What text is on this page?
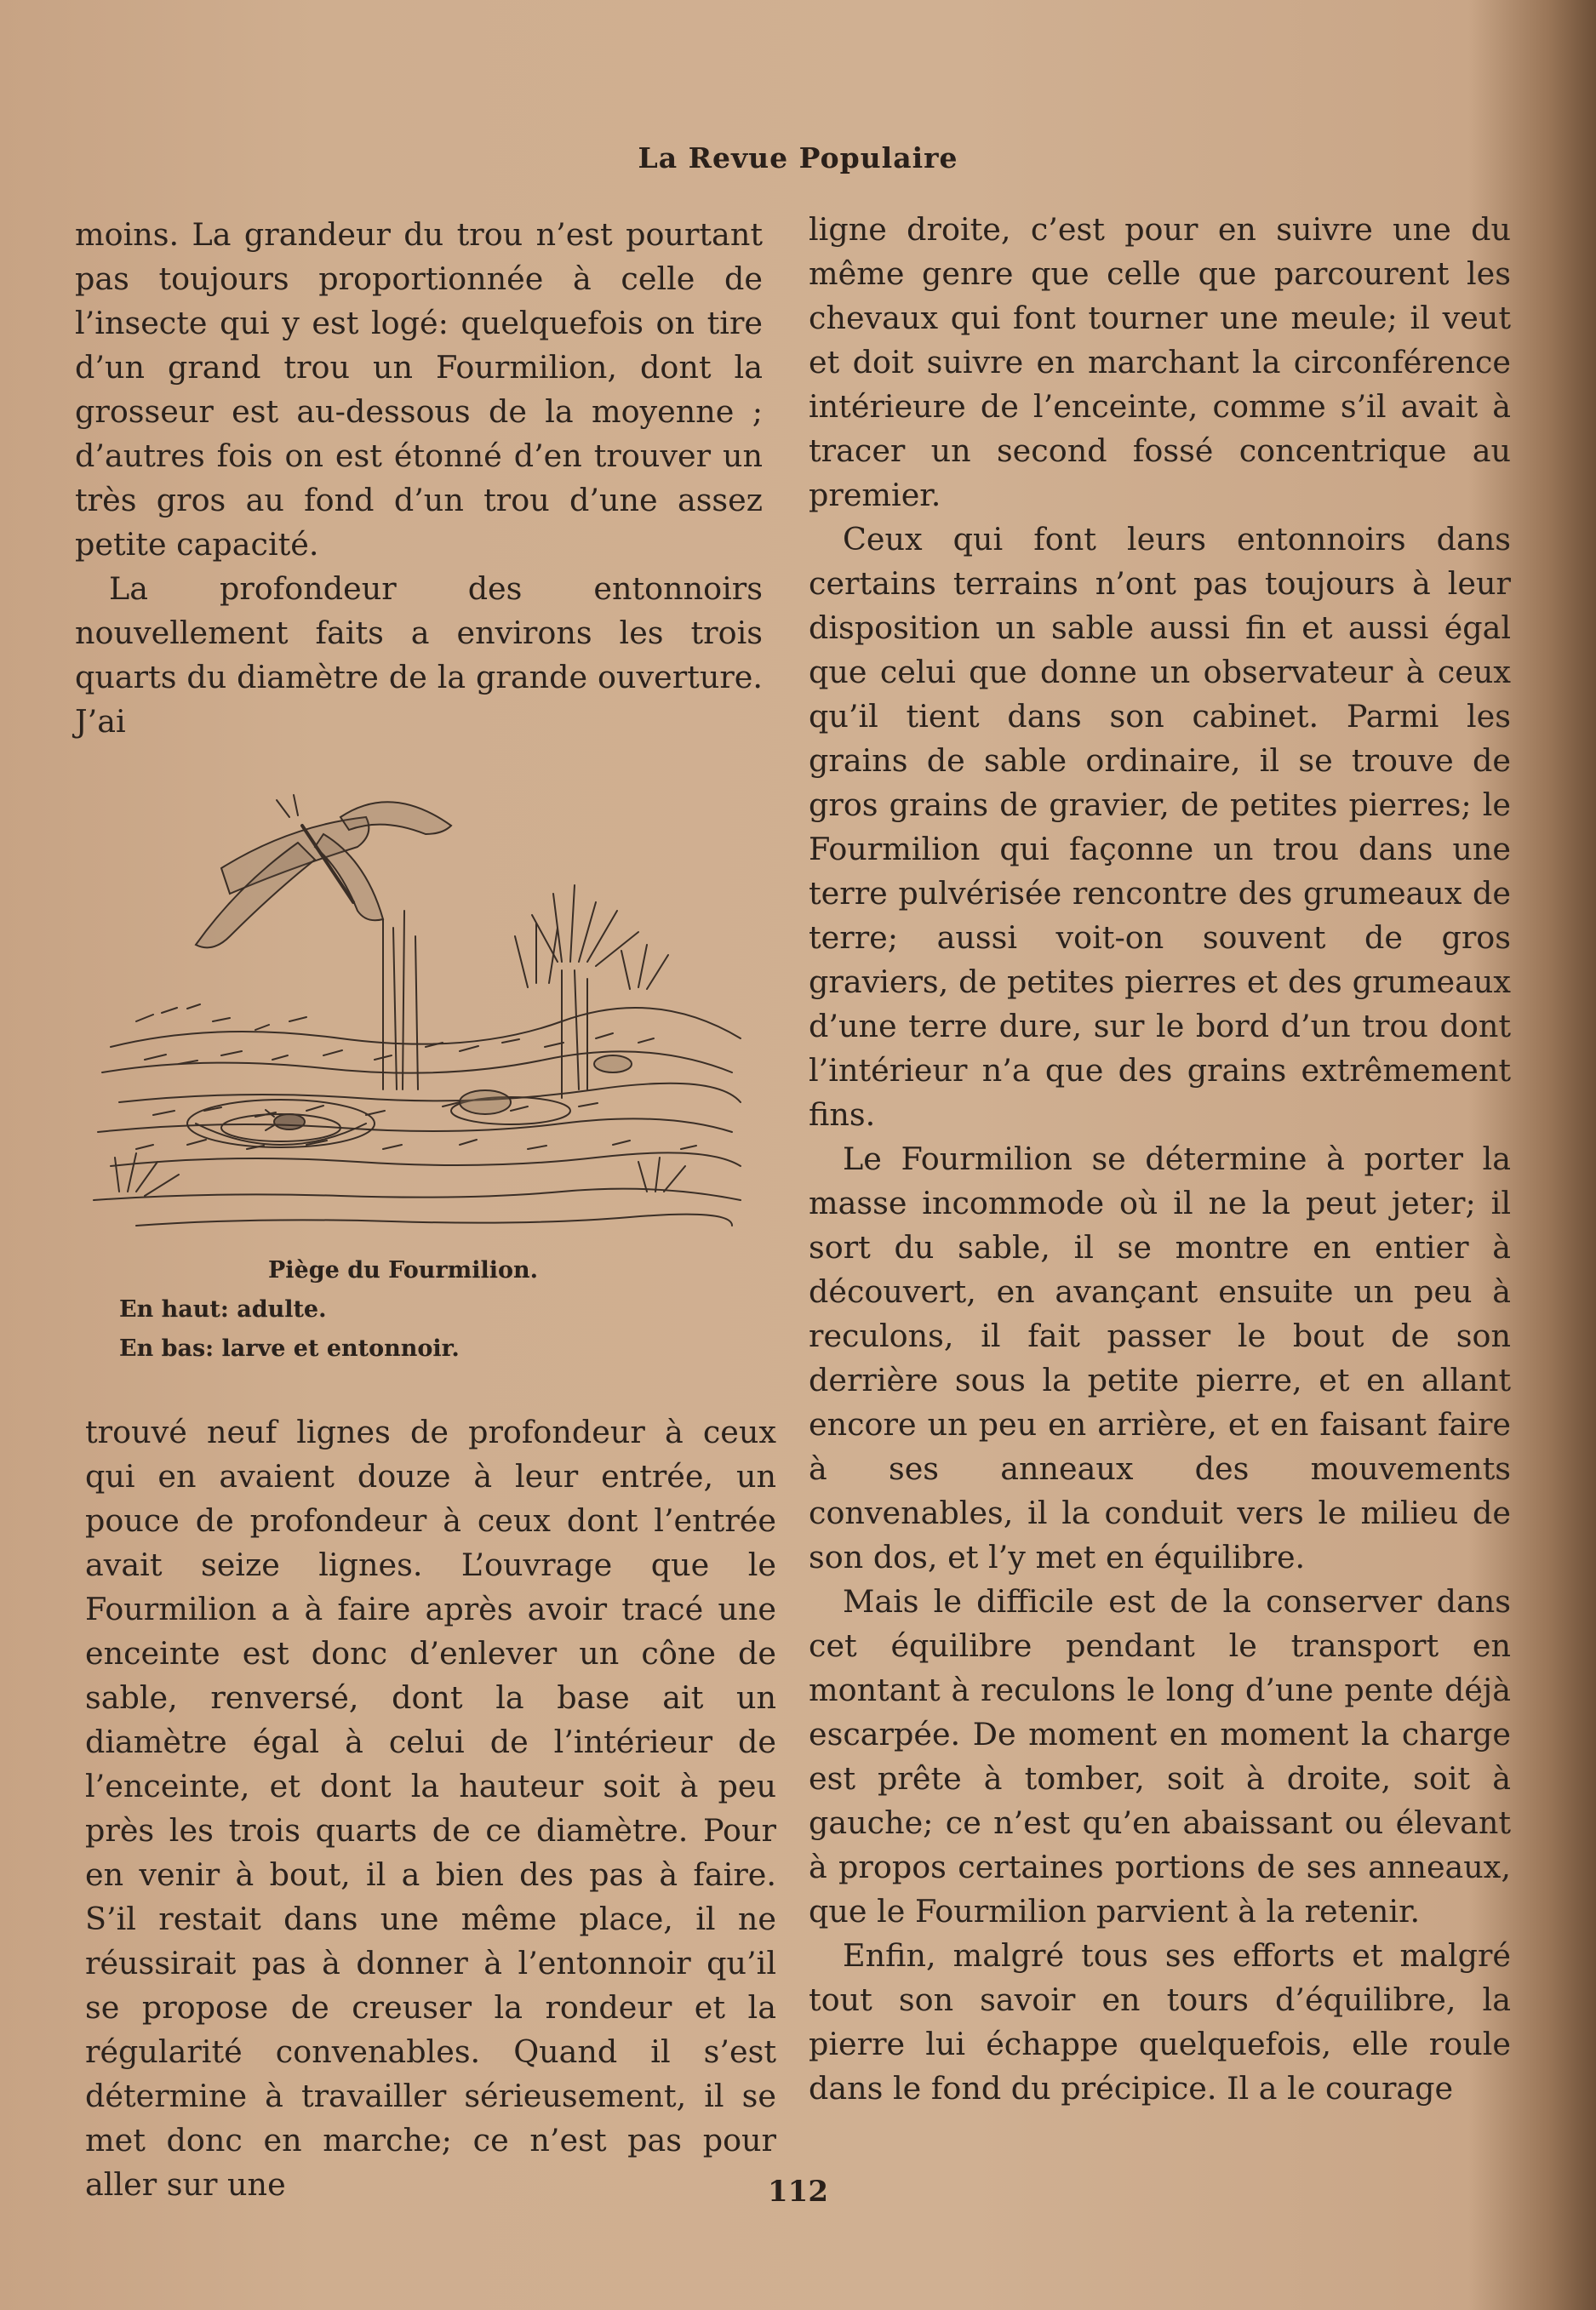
La Revue Populaire

moins. La grandeur du trou n’est pourtant pas toujours proportionnée à celle de l’insecte qui y est logé: quelquefois on tire d’un grand trou un Fourmilion, dont la grosseur est au-dessous de la moyenne ; d’autres fois on est étonné d’en trouver un très gros au fond d’un trou d’une assez petite capacité.

La profondeur des entonnoirs nouvellement faits a environs les trois quarts du diamètre de la grande ouverture. J’ai

Piège du Fourmilion.
En haut: adulte.
En bas: larve et entonnoir.

trouvé neuf lignes de profondeur à ceux qui en avaient douze à leur entrée, un pouce de profondeur à ceux dont l’entrée avait seize lignes. L’ouvrage que le Fourmilion a à faire après avoir tracé une enceinte est donc d’enlever un cône de sable, renversé, dont la base ait un diamètre égal à celui de l’intérieur de l’enceinte, et dont la hauteur soit à peu près les trois quarts de ce diamètre. Pour en venir à bout, il a bien des pas à faire. S’il restait dans une même place, il ne réussirait pas à donner à l’entonnoir qu’il se propose de creuser la rondeur et la régularité convenables. Quand il s’est détermine à travailler sérieusement, il se met donc en marche; ce n’est pas pour aller sur une

ligne droite, c’est pour en suivre une du même genre que celle que parcourent les chevaux qui font tourner une meule; il veut et doit suivre en marchant la circonférence intérieure de l’enceinte, comme s’il avait à tracer un second fossé concentrique au premier.

Ceux qui font leurs entonnoirs dans certains terrains n’ont pas toujours à leur disposition un sable aussi fin et aussi égal que celui que donne un observateur à ceux qu’il tient dans son cabinet. Parmi les grains de sable ordinaire, il se trouve de gros grains de gravier, de petites pierres; le Fourmilion qui façonne un trou dans une terre pulvérisée rencontre des grumeaux de terre; aussi voit-on souvent de gros graviers, de petites pierres et des grumeaux d’une terre dure, sur le bord d’un trou dont l’intérieur n’a que des grains extrêmement fins.

Le Fourmilion se détermine à porter la masse incommode où il ne la peut jeter; il sort du sable, il se montre en entier à découvert, en avançant ensuite un peu à reculons, il fait passer le bout de son derrière sous la petite pierre, et en allant encore un peu en arrière, et en faisant faire à ses anneaux des mouvements convenables, il la conduit vers le milieu de son dos, et l’y met en équilibre.

Mais le difficile est de la conserver dans cet équilibre pendant le transport en montant à reculons le long d’une pente déjà escarpée. De moment en moment la charge est prête à tomber, soit à droite, soit à gauche; ce n’est qu’en abaissant ou élevant à propos certaines portions de ses anneaux, que le Fourmilion parvient à la retenir.

Enfin, malgré tous ses efforts et malgré tout son savoir en tours d’équilibre, la pierre lui échappe quelquefois, elle roule dans le fond du précipice. Il a le courage

112
